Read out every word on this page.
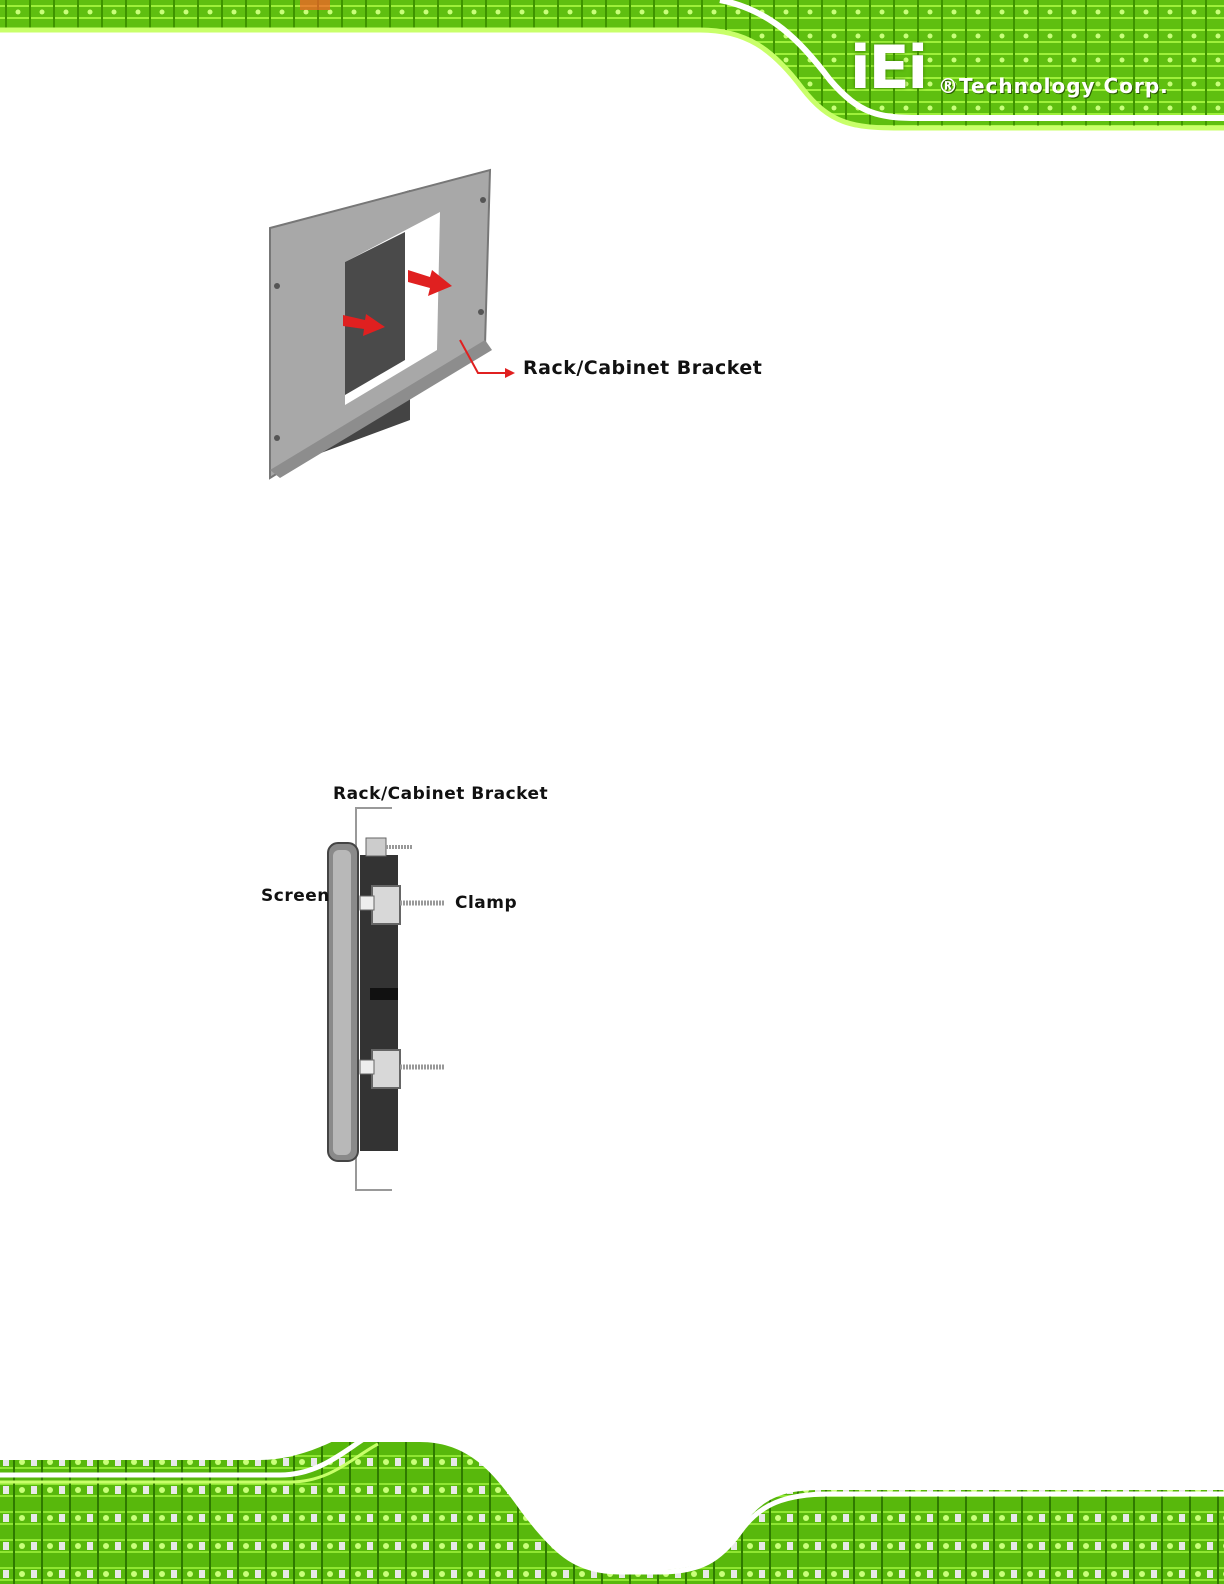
iEi ®Technology Corp.
Rack/Cabinet Bracket
Rack/Cabinet Bracket
Screen	Clamp
